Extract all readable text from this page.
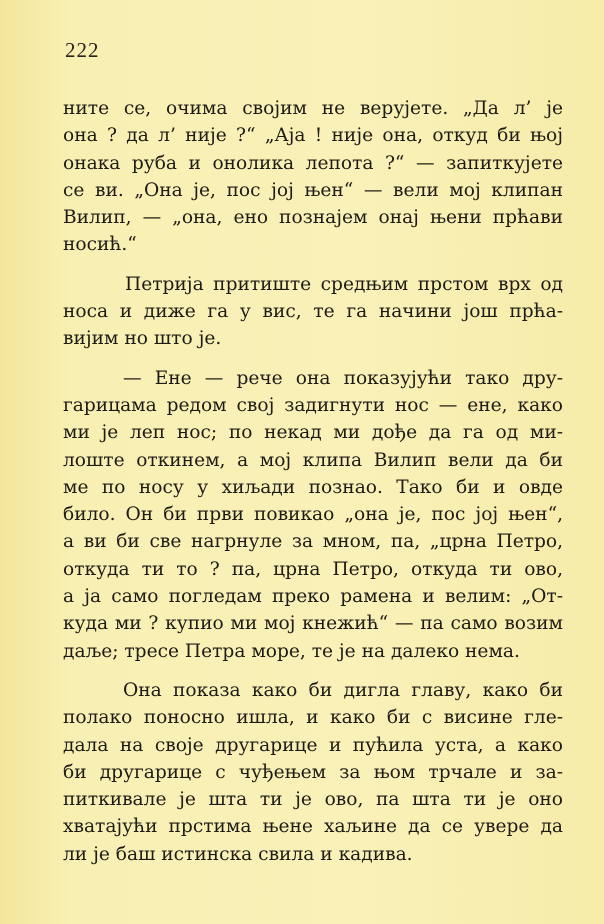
222

ните се, очима својим не верујете. „Да л’ је
она ? да л’ није ?“ „Аја ! није она, откуд би њој
онака руба и онолика лепота ?“ — запиткујете
се ви. „Она је, пос јој њен“ — вели мој клипан
Вилип, — „она, ено познајем онај њени прћави
носић.“

Петрија притиште средњим прстом врх од
носа и диже га у вис, те га начини још прћа-
вијим но што је.

— Ене — рече она показујући тако дру-
гарицама редом свој задигнути нос — ене, како
ми је леп нос; по некад ми дође да га од ми-
лоште откинем, а мој клипа Вилип вели да би
ме по носу у хиљади познао. Тако би и овде
било. Он би први повикао „она је, пос јој њен“,
а ви би све нагрнуле за мном, па, „црна Петро,
откуда ти то ? па, црна Петро, откуда ти ово,
а ја само погледам преко рамена и велим: „От-
куда ми ? купио ми мој кнежић“ — па само возим
даље; тресе Петра море, те је на далеко нема.

Она показа како би дигла главу, како би
полако поносно ишла, и како би с висине гле-
дала на своје другарице и пућила уста, а како
би другарице с чуђењем за њом трчале и за-
питкивале је шта ти је ово, па шта ти је оно
хватајући прстима њене хаљине да се увере да
ли је баш истинска свила и кадива.
